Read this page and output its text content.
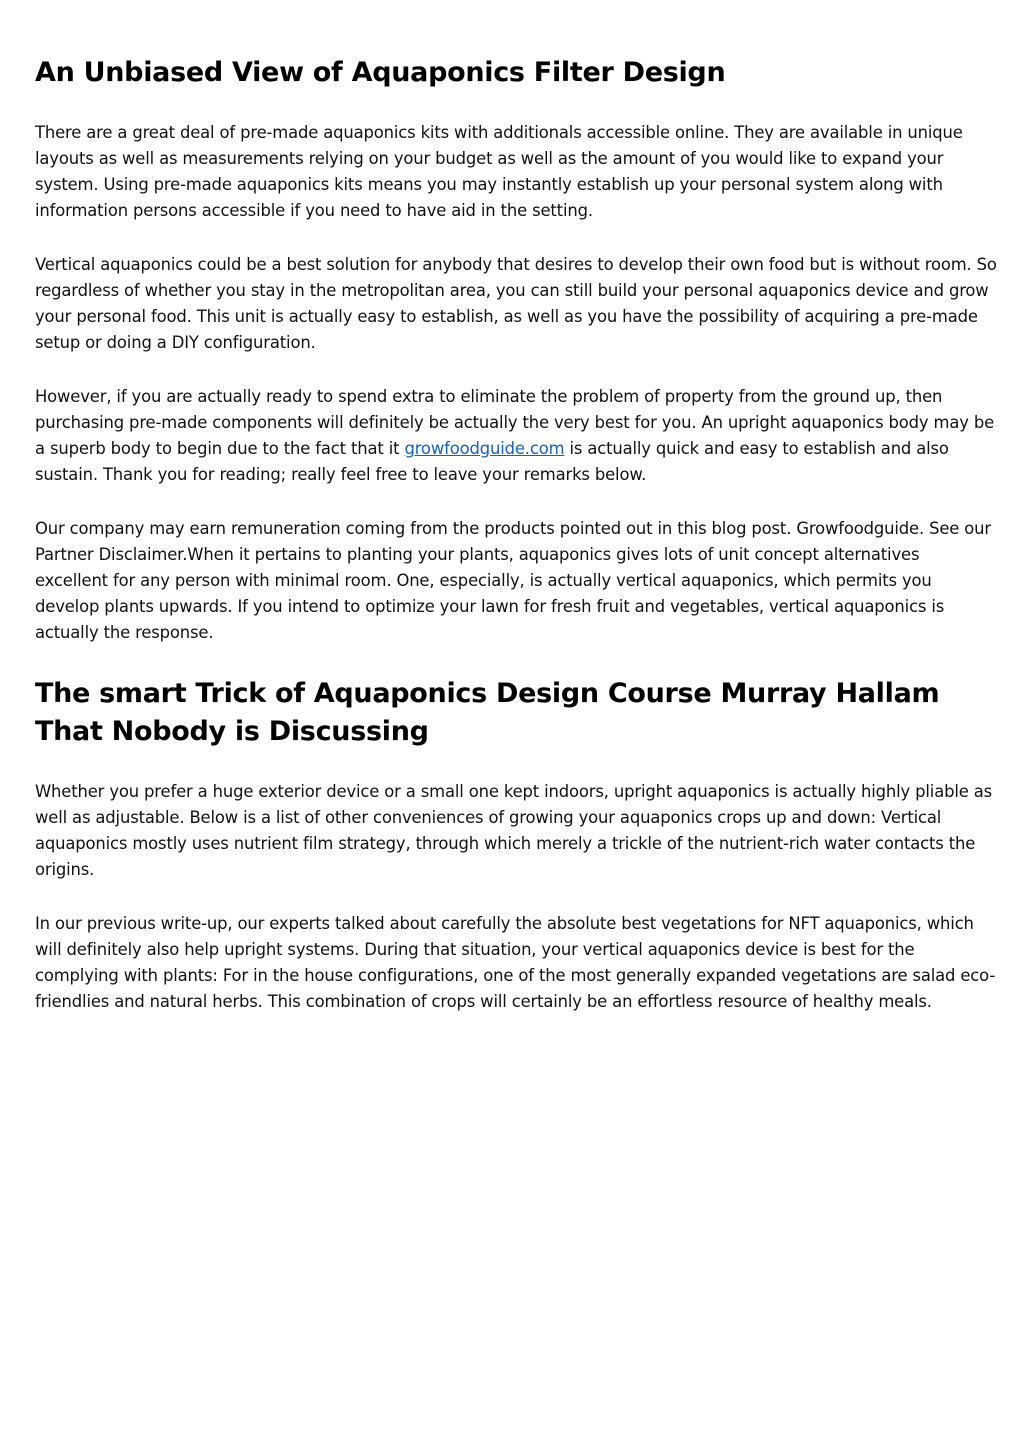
An Unbiased View of Aquaponics Filter Design

There are a great deal of pre-made aquaponics kits with additionals accessible online. They are available in unique layouts as well as measurements relying on your budget as well as the amount of you would like to expand your system. Using pre-made aquaponics kits means you may instantly establish up your personal system along with information persons accessible if you need to have aid in the setting.

Vertical aquaponics could be a best solution for anybody that desires to develop their own food but is without room. So regardless of whether you stay in the metropolitan area, you can still build your personal aquaponics device and grow your personal food. This unit is actually easy to establish, as well as you have the possibility of acquiring a pre-made setup or doing a DIY configuration.

However, if you are actually ready to spend extra to eliminate the problem of property from the ground up, then purchasing pre-made components will definitely be actually the very best for you. An upright aquaponics body may be a superb body to begin due to the fact that it growfoodguide.com is actually quick and easy to establish and also sustain. Thank you for reading; really feel free to leave your remarks below.

Our company may earn remuneration coming from the products pointed out in this blog post. Growfoodguide. See our Partner Disclaimer.When it pertains to planting your plants, aquaponics gives lots of unit concept alternatives excellent for any person with minimal room. One, especially, is actually vertical aquaponics, which permits you develop plants upwards. If you intend to optimize your lawn for fresh fruit and vegetables, vertical aquaponics is actually the response.

The smart Trick of Aquaponics Design Course Murray Hallam That Nobody is Discussing

Whether you prefer a huge exterior device or a small one kept indoors, upright aquaponics is actually highly pliable as well as adjustable. Below is a list of other conveniences of growing your aquaponics crops up and down: Vertical aquaponics mostly uses nutrient film strategy, through which merely a trickle of the nutrient-rich water contacts the origins.

In our previous write-up, our experts talked about carefully the absolute best vegetations for NFT aquaponics, which will definitely also help upright systems. During that situation, your vertical aquaponics device is best for the complying with plants: For in the house configurations, one of the most generally expanded vegetations are salad eco-friendlies and natural herbs. This combination of crops will certainly be an effortless resource of healthy meals.
